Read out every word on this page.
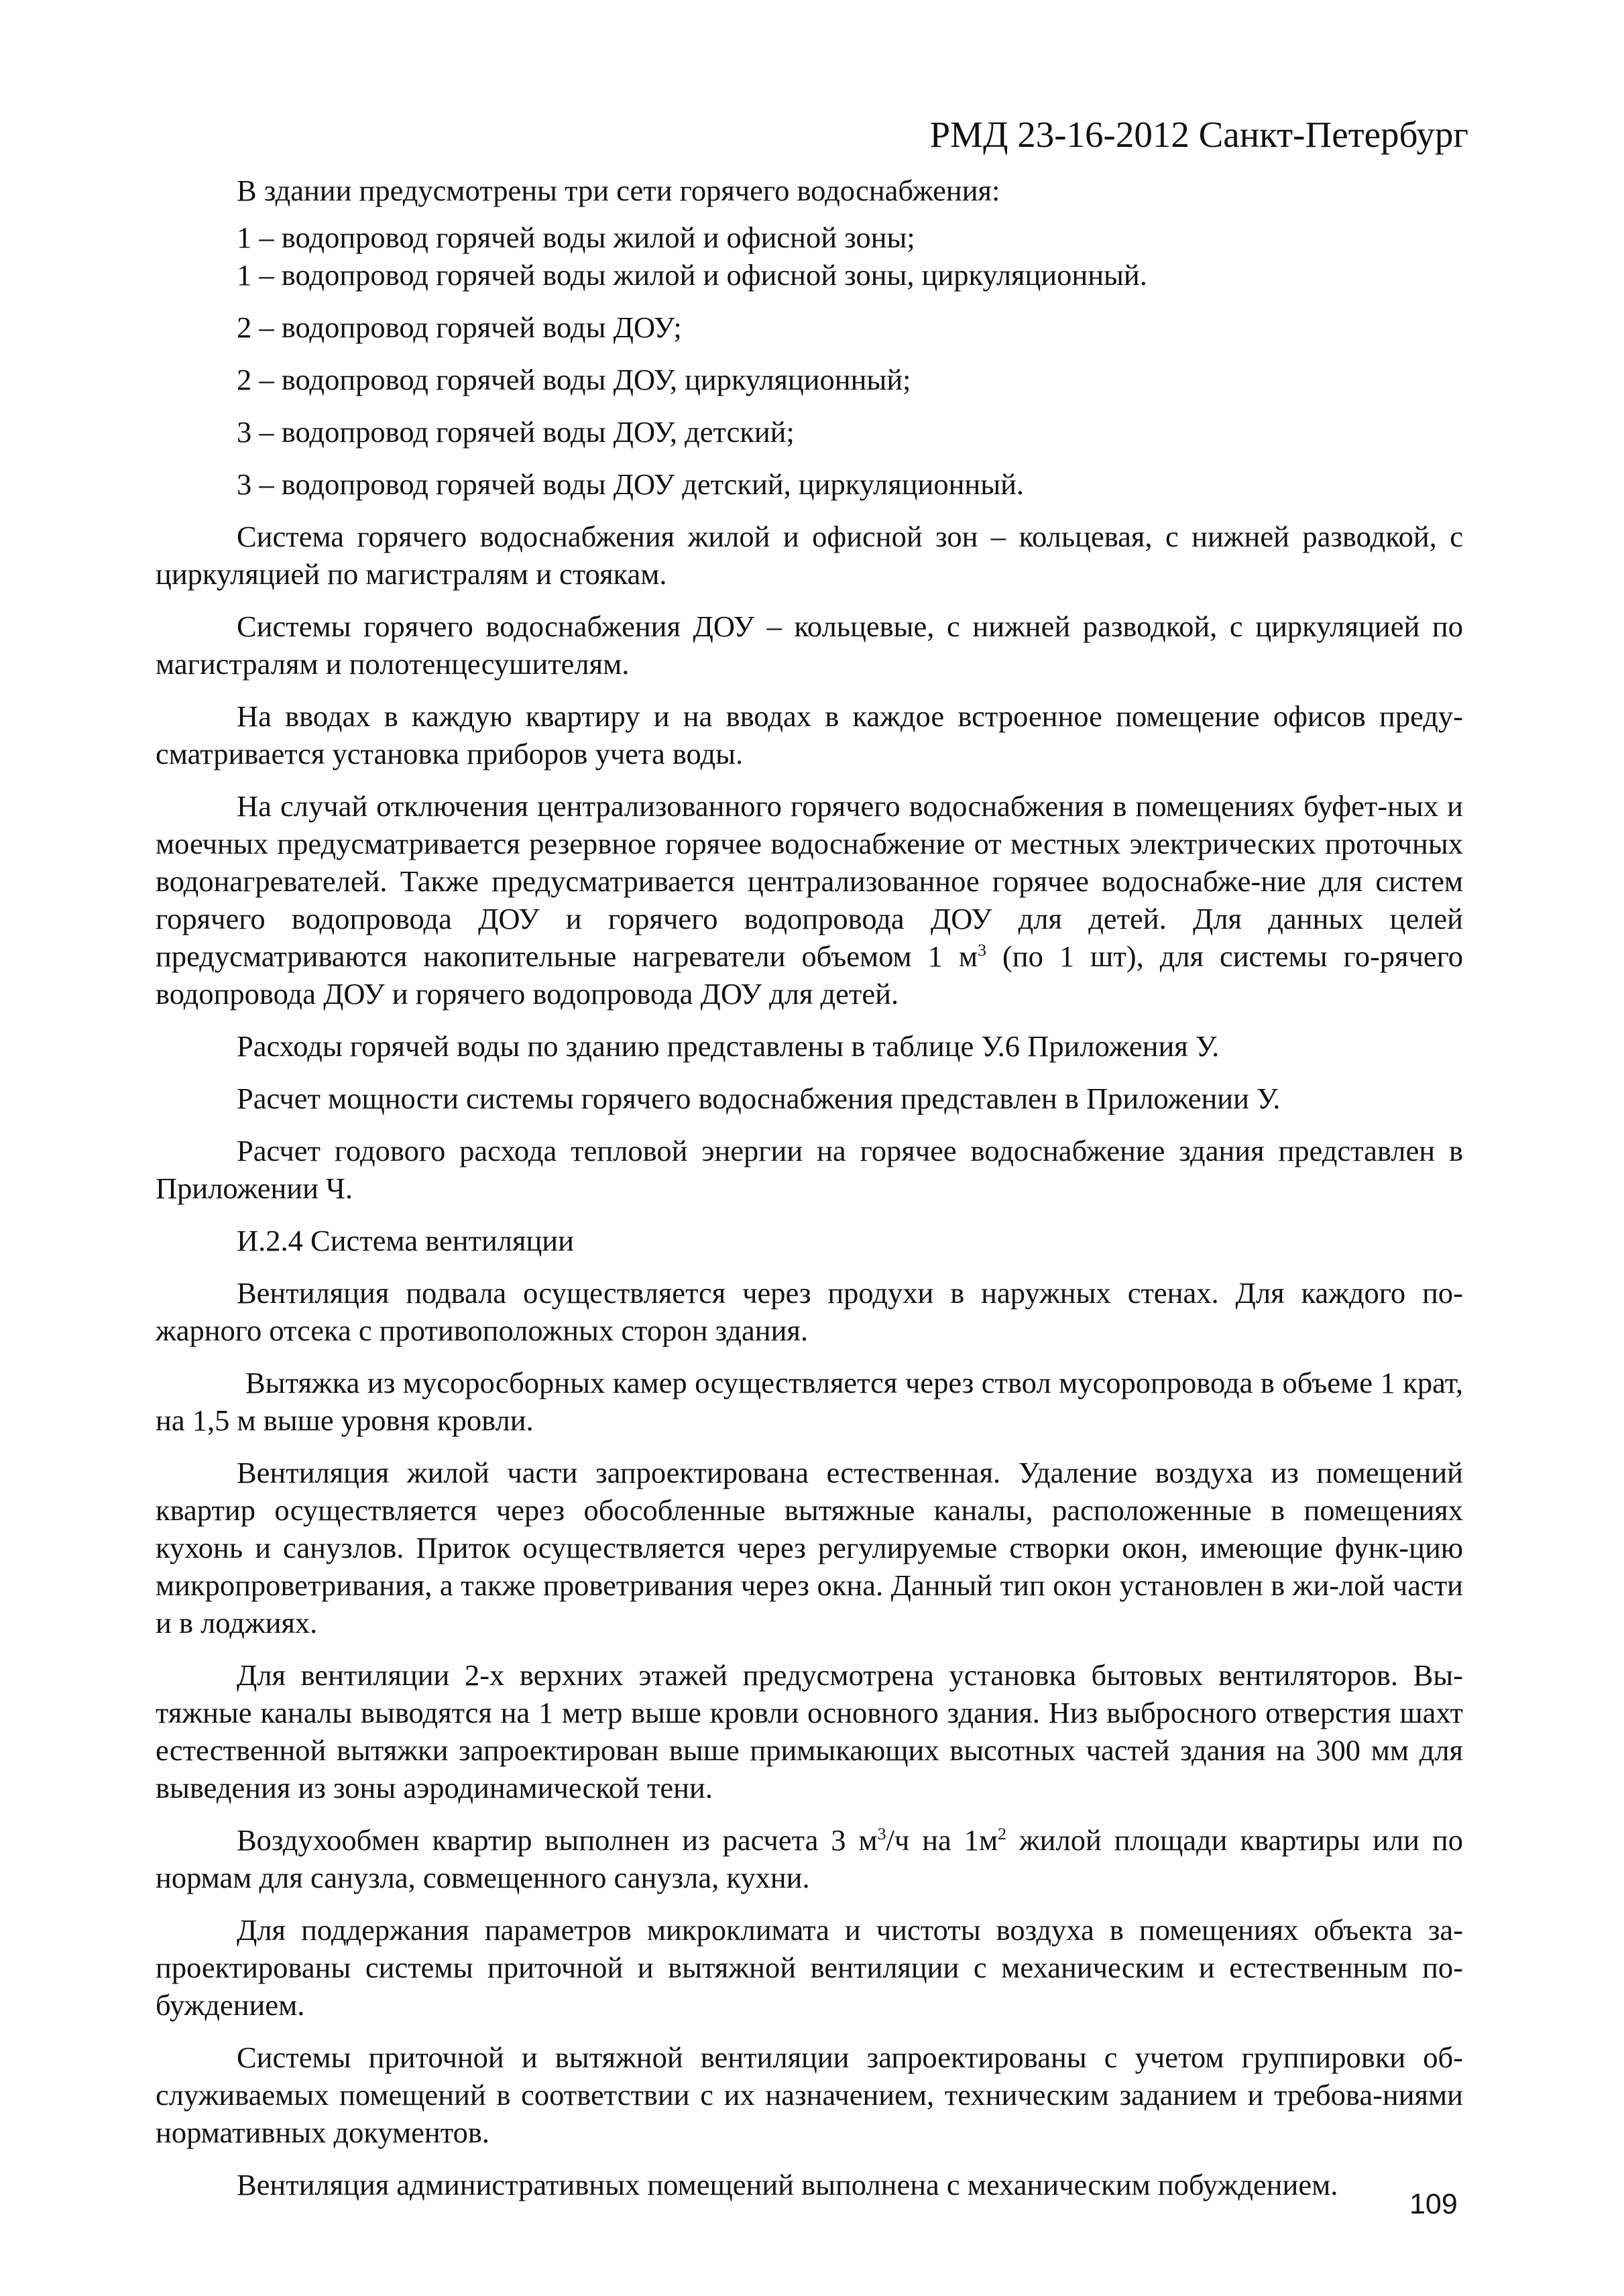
РМД 23-16-2012 Санкт-Петербург

В здании предусмотрены три сети горячего водоснабжения:

1 – водопровод горячей воды жилой и офисной зоны;

1 – водопровод горячей воды жилой и офисной зоны, циркуляционный.

2 – водопровод горячей воды ДОУ;

2 – водопровод горячей воды ДОУ, циркуляционный;

3 – водопровод горячей воды ДОУ, детский;

3 – водопровод горячей воды ДОУ детский, циркуляционный.

Система горячего водоснабжения жилой и офисной зон – кольцевая, с нижней разводкой, с циркуляцией по магистралям и стоякам.

Системы горячего водоснабжения ДОУ – кольцевые, с нижней разводкой, с циркуляцией по магистралям и полотенцесушителям.

На вводах в каждую квартиру и на вводах в каждое встроенное помещение офисов преду-сматривается установка приборов учета воды.

На случай отключения централизованного горячего водоснабжения в помещениях буфет-ных и моечных предусматривается резервное горячее водоснабжение от местных электрических проточных водонагревателей. Также предусматривается централизованное горячее водоснабже-ние для систем горячего водопровода ДОУ и горячего водопровода ДОУ для детей. Для данных целей предусматриваются накопительные нагреватели объемом 1 $м^3$ (по 1 шт), для системы го-рячего водопровода ДОУ и горячего водопровода ДОУ для детей.

Расходы горячей воды по зданию представлены в таблице У.6 Приложения У.

Расчет мощности системы горячего водоснабжения представлен в Приложении У.

Расчет годового расхода тепловой энергии на горячее водоснабжение здания представлен в Приложении Ч.

И.2.4 Система вентиляции

Вентиляция подвала осуществляется через продухи в наружных стенах. Для каждого по-жарного отсека с противоположных сторон здания.

Вытяжка из мусоросборных камер осуществляется через ствол мусоропровода в объеме 1 крат, на 1,5 м выше уровня кровли.

Вентиляция жилой части запроектирована естественная. Удаление воздуха из помещений квартир осуществляется через обособленные вытяжные каналы, расположенные в помещениях кухонь и санузлов. Приток осуществляется через регулируемые створки окон, имеющие функ-цию микропроветривания, а также проветривания через окна. Данный тип окон установлен в жи-лой части и в лоджиях.

Для вентиляции 2-х верхних этажей предусмотрена установка бытовых вентиляторов. Вы-тяжные каналы выводятся на 1 метр выше кровли основного здания. Низ выбросного отверстия шахт естественной вытяжки запроектирован выше примыкающих высотных частей здания на 300 мм для выведения из зоны аэродинамической тени.

Воздухообмен квартир выполнен из расчета 3 $м^3/ч$ на $1м^2$ жилой площади квартиры или по нормам для санузла, совмещенного санузла, кухни.

Для поддержания параметров микроклимата и чистоты воздуха в помещениях объекта за-проектированы системы приточной и вытяжной вентиляции с механическим и естественным по-буждением.

Системы приточной и вытяжной вентиляции запроектированы с учетом группировки об-служиваемых помещений в соответствии с их назначением, техническим заданием и требова-ниями нормативных документов.

Вентиляция административных помещений выполнена с механическим побуждением.

109
